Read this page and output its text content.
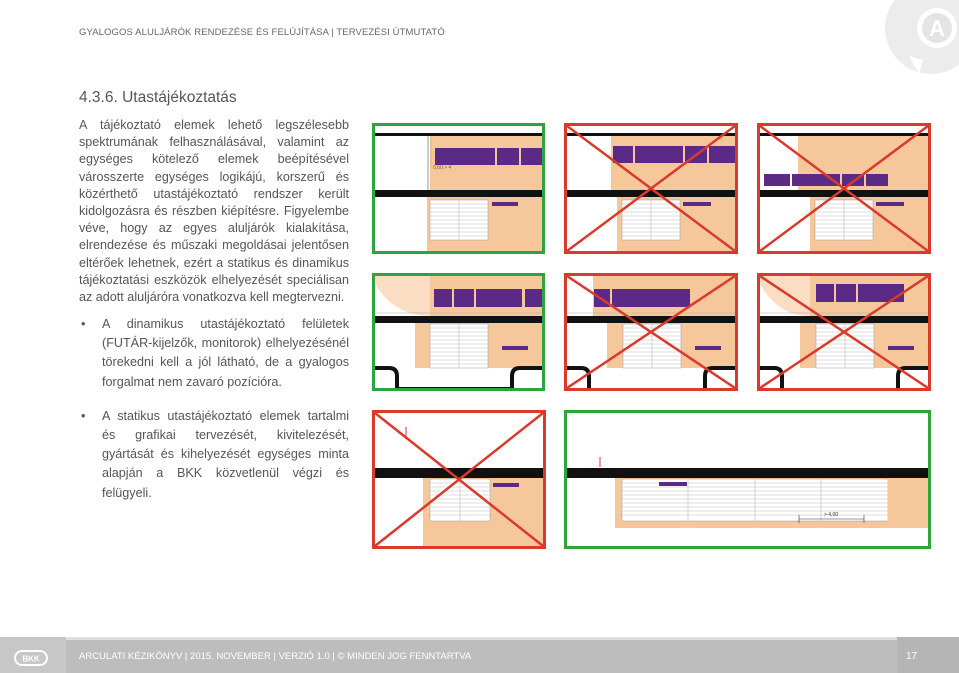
GYALOGOS ALULJÁRÓK RENDEZÉSE ÉS FELÚJÍTÁSA | TERVEZÉSI ÚTMUTATÓ	A
4.3.6. Utastájékoztatás

A tájékoztató elemek lehető legszélesebb spektrumának felhasználásával, valamint az egységes kötelező elemek beépítésével városszerte egységes logikájú, korszerű és közérthető utastájékoztató rendszer került kidolgozásra és részben kiépítésre. Figyelembe véve, hogy az egyes aluljárók kialakítása, elrendezése és műszaki megoldásai jelentősen eltérőek lehetnek, ezért a statikus és dinamikus tájékoztatási eszközök elhelyezését speciálisan az adott aluljáróra vonatkozva kell megtervezni.

• A dinamikus utastájékoztató felületek (FUTÁR-kijelzők, monitorok) elhelyezésénél törekedni kell a jól látható, de a gyalogos forgalmat nem zavaró pozícióra.
• A statikus utastájékoztató elemek tartalmi és grafikai tervezését, kivitelezését, gyártását és kihelyezését egységes minta alapján a BKK közvetlenül végzi és felügyeli.
0,60 > 4
> 4,00
BKK	ARCULATI KÉZIKÖNYV | 2015. NOVEMBER | VERZIÓ 1.0 | © MINDEN JOG FENNTARTVA	17
